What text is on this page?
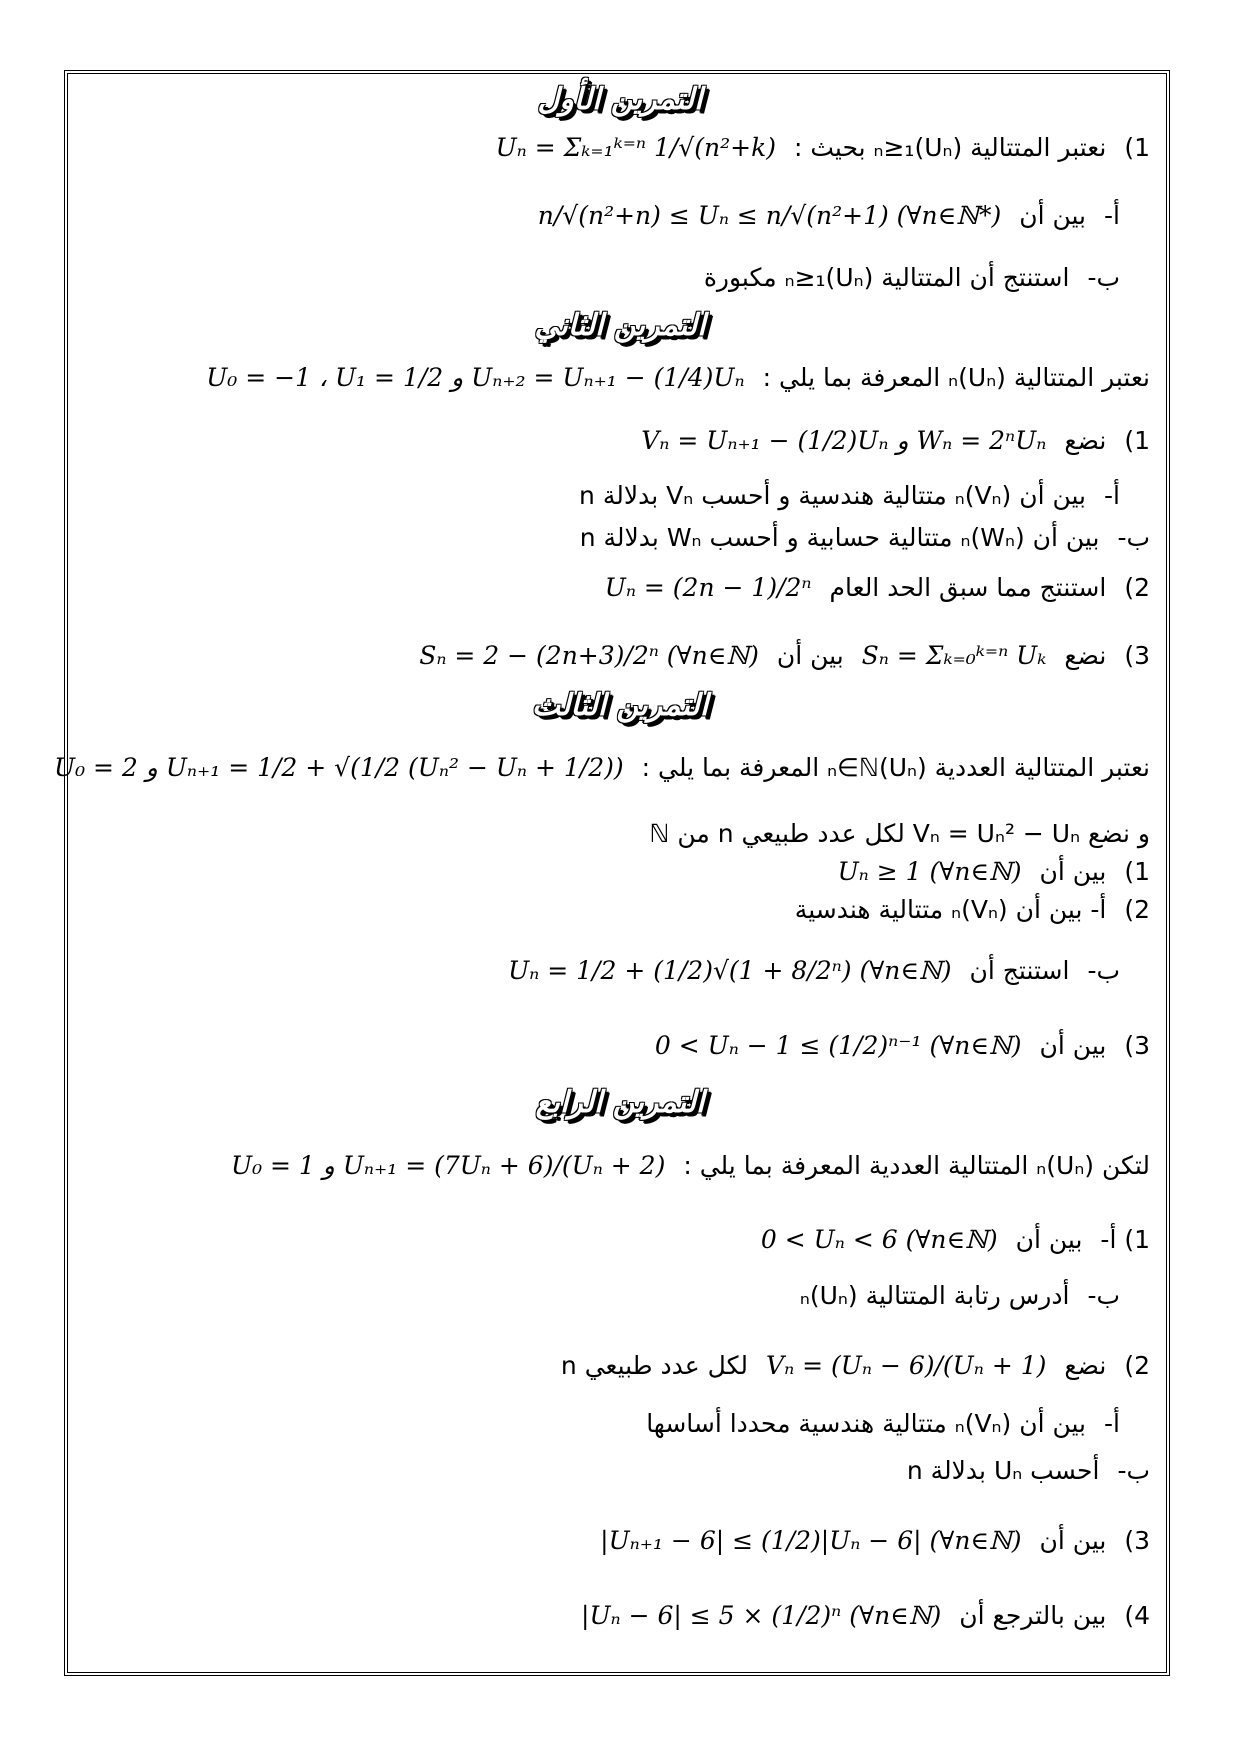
التمرين الأول
1)
نعتبر المتتالية (Uₙ)ₙ≥₁ بحيث :
Uₙ = Σₖ₌₁ᵏ⁼ⁿ 1/√(n²+k)
أ-
بين أن
n/√(n²+n) ≤ Uₙ ≤ n/√(n²+1) (∀n∈ℕ*)
ب-
استنتج أن المتتالية (Uₙ)ₙ≥₁ مكبورة
التمرين الثاني
نعتبر المتتالية (Uₙ)ₙ المعرفة بما يلي :
U₀ = −1 ، U₁ = 1/2 و Uₙ₊₂ = Uₙ₊₁ − (1/4)Uₙ
1)
نضع
Vₙ = Uₙ₊₁ − (1/2)Uₙ و Wₙ = 2ⁿUₙ
أ-
بين أن (Vₙ)ₙ متتالية هندسية و أحسب Vₙ بدلالة n
ب-
بين أن (Wₙ)ₙ متتالية حسابية و أحسب Wₙ بدلالة n
2)
استنتج مما سبق الحد العام
Uₙ = (2n − 1)/2ⁿ
3)
نضع
Sₙ = Σₖ₌₀ᵏ⁼ⁿ Uₖ
بين أن
Sₙ = 2 − (2n+3)/2ⁿ (∀n∈ℕ)
التمرين الثالث
نعتبر المتتالية العددية (Uₙ)ₙ∈ℕ المعرفة بما يلي :
U₀ = 2 و Uₙ₊₁ = 1/2 + √(1/2 (Uₙ² − Uₙ + 1/2))
و نضع Vₙ = Uₙ² − Uₙ لكل عدد طبيعي n من ℕ
1)
بين أن
Uₙ ≥ 1 (∀n∈ℕ)
2)
أ- بين أن (Vₙ)ₙ متتالية هندسية
ب-
استنتج أن
Uₙ = 1/2 + (1/2)√(1 + 8/2ⁿ) (∀n∈ℕ)
3)
بين أن
0 < Uₙ − 1 ≤ (1/2)ⁿ⁻¹ (∀n∈ℕ)
التمرين الرابع
لتكن (Uₙ)ₙ المتتالية العددية المعرفة بما يلي :
U₀ = 1 و Uₙ₊₁ = (7Uₙ + 6)/(Uₙ + 2)
1) أ-
بين أن
0 < Uₙ < 6 (∀n∈ℕ)
ب-
أدرس رتابة المتتالية (Uₙ)ₙ
2)
نضع
Vₙ = (Uₙ − 6)/(Uₙ + 1)
لكل عدد طبيعي n
أ-
بين أن (Vₙ)ₙ متتالية هندسية محددا أساسها
ب-
أحسب Uₙ بدلالة n
3)
بين أن
|Uₙ₊₁ − 6| ≤ (1/2)|Uₙ − 6| (∀n∈ℕ)
4)
بين بالترجع أن
|Uₙ − 6| ≤ 5 × (1/2)ⁿ (∀n∈ℕ)
